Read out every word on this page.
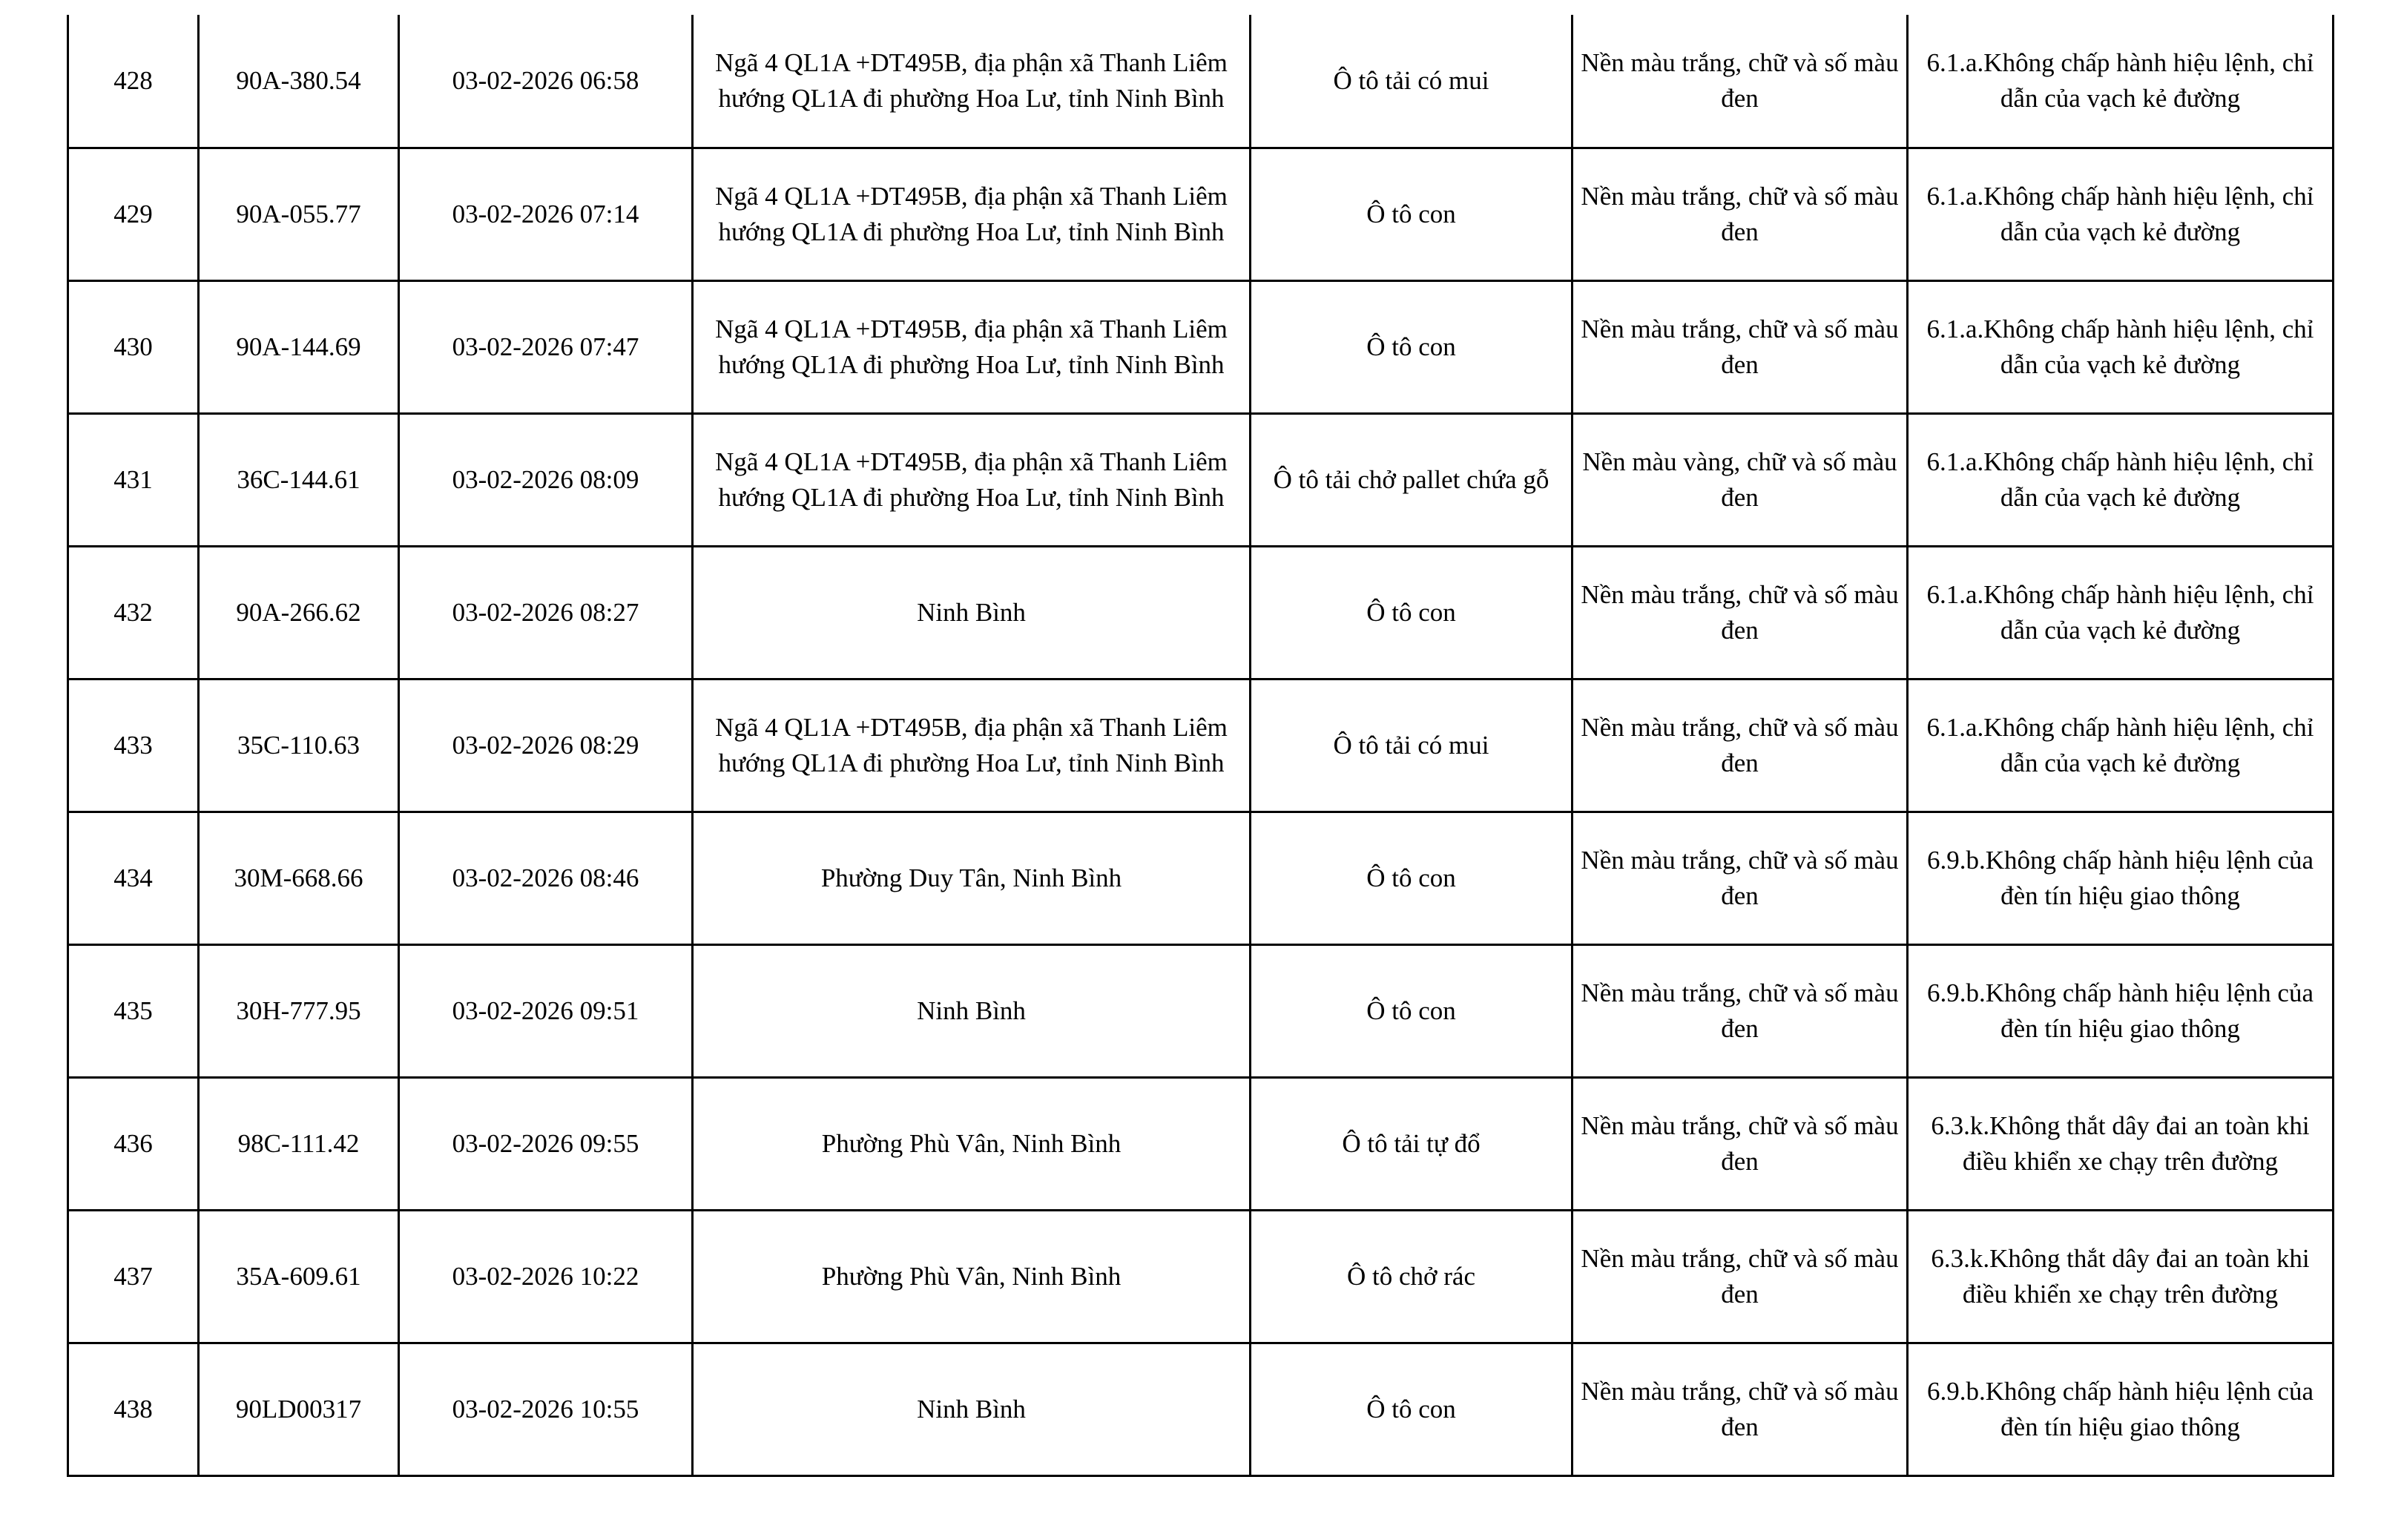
428	90A-380.54	03-02-2026 06:58	Ngã 4 QL1A +DT495B, địa phận xã Thanh Liêm hướng QL1A đi phường Hoa Lư, tỉnh Ninh Bình	Ô tô tải có mui	Nền màu trắng, chữ và số màu đen	6.1.a.Không chấp hành hiệu lệnh, chỉ dẫn của vạch kẻ đường
429	90A-055.77	03-02-2026 07:14	Ngã 4 QL1A +DT495B, địa phận xã Thanh Liêm hướng QL1A đi phường Hoa Lư, tỉnh Ninh Bình	Ô tô con	Nền màu trắng, chữ và số màu đen	6.1.a.Không chấp hành hiệu lệnh, chỉ dẫn của vạch kẻ đường
430	90A-144.69	03-02-2026 07:47	Ngã 4 QL1A +DT495B, địa phận xã Thanh Liêm hướng QL1A đi phường Hoa Lư, tỉnh Ninh Bình	Ô tô con	Nền màu trắng, chữ và số màu đen	6.1.a.Không chấp hành hiệu lệnh, chỉ dẫn của vạch kẻ đường
431	36C-144.61	03-02-2026 08:09	Ngã 4 QL1A +DT495B, địa phận xã Thanh Liêm hướng QL1A đi phường Hoa Lư, tỉnh Ninh Bình	Ô tô tải chở pallet chứa gỗ	Nền màu vàng, chữ và số màu đen	6.1.a.Không chấp hành hiệu lệnh, chỉ dẫn của vạch kẻ đường
432	90A-266.62	03-02-2026 08:27	Ninh Bình	Ô tô con	Nền màu trắng, chữ và số màu đen	6.1.a.Không chấp hành hiệu lệnh, chỉ dẫn của vạch kẻ đường
433	35C-110.63	03-02-2026 08:29	Ngã 4 QL1A +DT495B, địa phận xã Thanh Liêm hướng QL1A đi phường Hoa Lư, tỉnh Ninh Bình	Ô tô tải có mui	Nền màu trắng, chữ và số màu đen	6.1.a.Không chấp hành hiệu lệnh, chỉ dẫn của vạch kẻ đường
434	30M-668.66	03-02-2026 08:46	Phường Duy Tân, Ninh Bình	Ô tô con	Nền màu trắng, chữ và số màu đen	6.9.b.Không chấp hành hiệu lệnh của đèn tín hiệu giao thông
435	30H-777.95	03-02-2026 09:51	Ninh Bình	Ô tô con	Nền màu trắng, chữ và số màu đen	6.9.b.Không chấp hành hiệu lệnh của đèn tín hiệu giao thông
436	98C-111.42	03-02-2026 09:55	Phường Phù Vân, Ninh Bình	Ô tô tải tự đổ	Nền màu trắng, chữ và số màu đen	6.3.k.Không thắt dây đai an toàn khi điều khiển xe chạy trên đường
437	35A-609.61	03-02-2026 10:22	Phường Phù Vân, Ninh Bình	Ô tô chở rác	Nền màu trắng, chữ và số màu đen	6.3.k.Không thắt dây đai an toàn khi điều khiển xe chạy trên đường
438	90LD00317	03-02-2026 10:55	Ninh Bình	Ô tô con	Nền màu trắng, chữ và số màu đen	6.9.b.Không chấp hành hiệu lệnh của đèn tín hiệu giao thông
